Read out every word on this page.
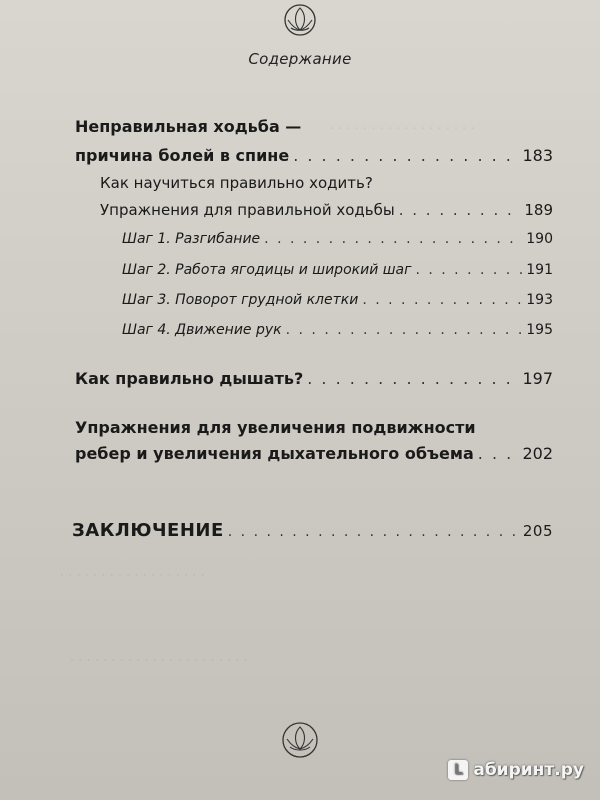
. . . . . . . . . . . . . . . . . .
. . . . . . . . . . . . . . . . . .
. . . . . . . . . . . . . . . . . . . . . .
Содержание
Неправильная ходьба —
причина болей в спине . . .	183
Как научиться правильно ходить?
Упражнения для правильной ходьбы . . .	189
Шаг 1. Разгибание . . .	190
Шаг 2. Работа ягодицы и широкий шаг . . .	191
Шаг 3. Поворот грудной клетки . . .	193
Шаг 4. Движение рук . . .	195
Как правильно дышать? . . .	197
Упражнения для увеличения подвижности
ребер и увеличения дыхательного объема . . .	202
ЗАКЛЮЧЕНИЕ . . .	205
L абиринт.ру
